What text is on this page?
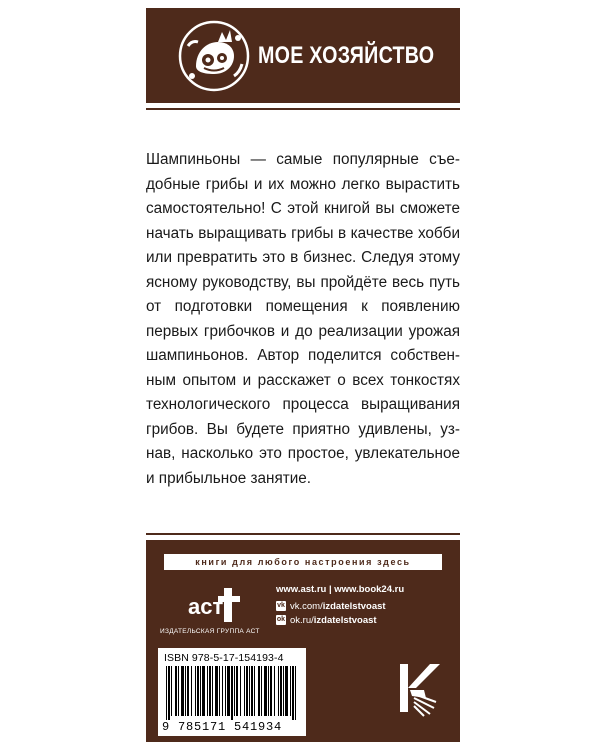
МОЕ ХОЗЯЙСТВО
Шампиньоны — самые популярные съе-
добные грибы и их можно легко вырастить
самостоятельно! С этой книгой вы сможете
начать выращивать грибы в качестве хобби
или превратить это в бизнес. Следуя этому
ясному руководству, вы пройдёте весь путь
от подготовки помещения к появлению
первых грибочков и до реализации урожая
шампиньонов. Автор поделится собствен-
ным опытом и расскажет о всех тонкостях
технологического процесса выращивания
грибов. Вы будете приятно удивлены, уз-
нав, насколько это простое, увлекательное
и прибыльное занятие.
книги для любого настроения здесь
аст
ИЗДАТЕЛЬСКАЯ ГРУППА АСТ
www.ast.ru | www.book24.ru
vk vk.com/izdatelstvoast
ok ok.ru/izdatelstvoast
ISBN 978-5-17-154193-4
9 785171 541934
